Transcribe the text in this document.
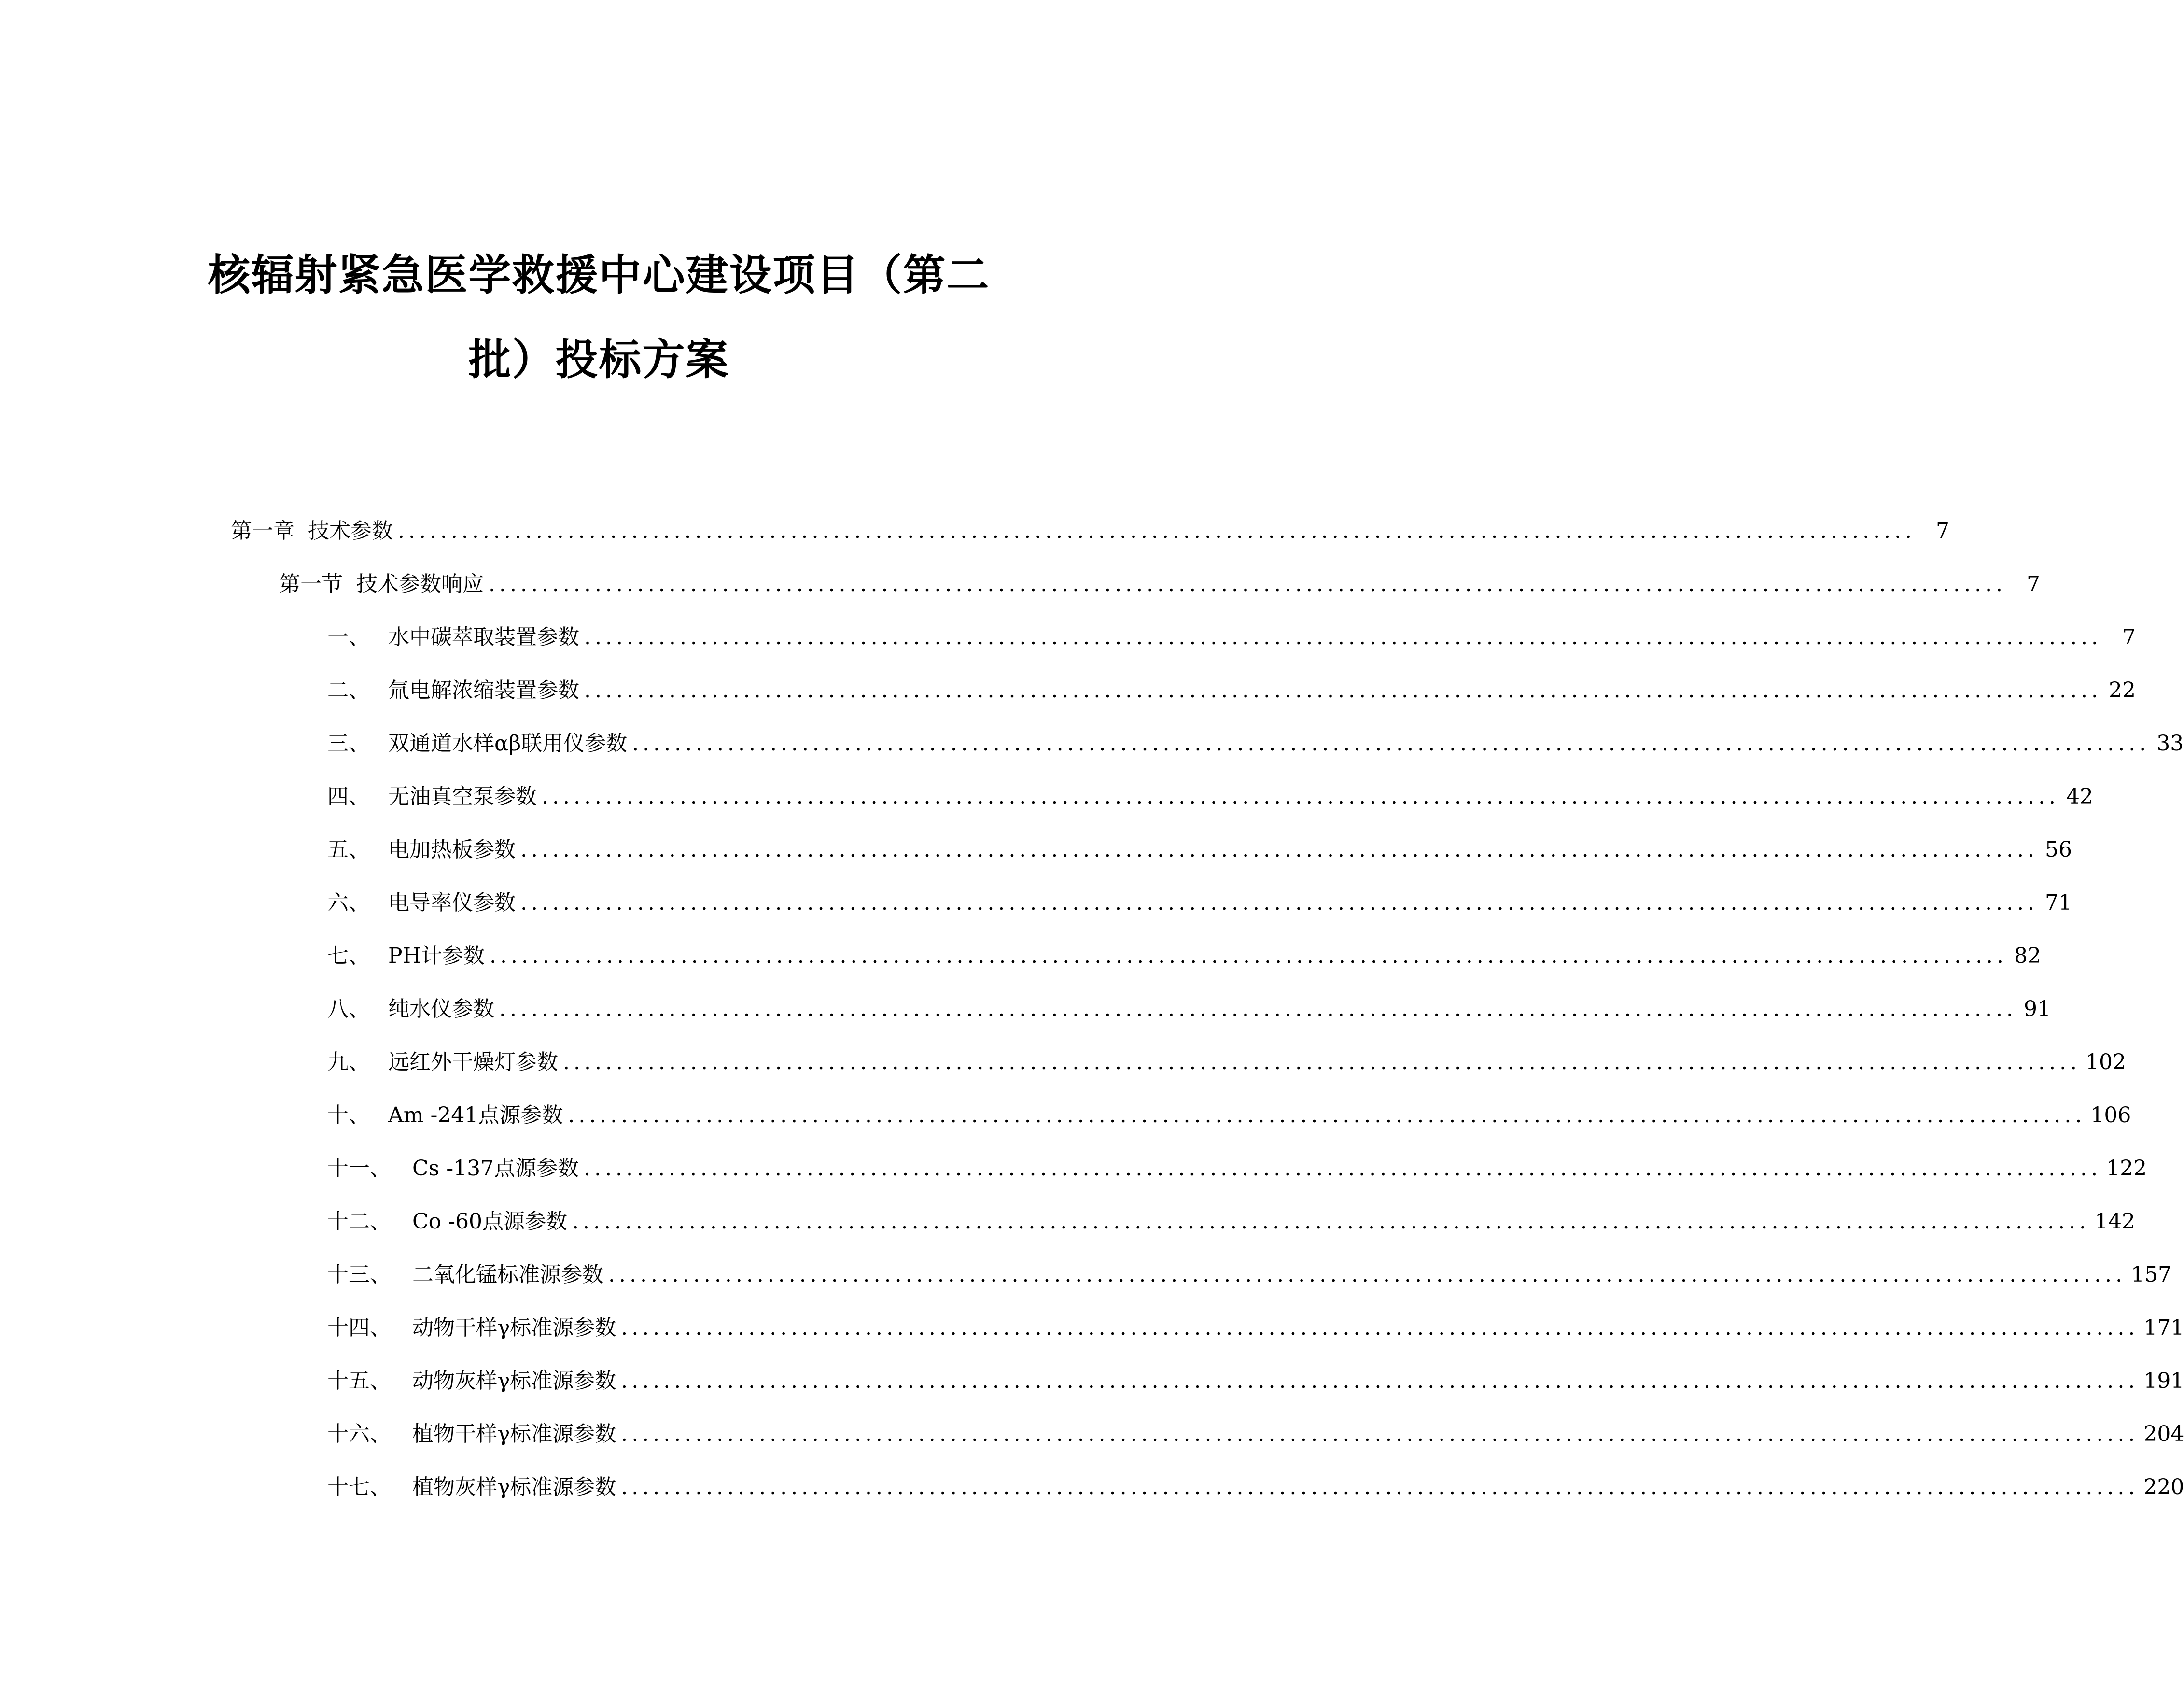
核辐射紧急医学救援中心建设项目（第二
批）投标方案
第一章 技术参数 ............................................................................................................................................... 7
第一节 技术参数响应 ............................................................................................................................................... 7
一、 水中碳萃取装置参数 ............................................................................................................................................... 7
二、 氚电解浓缩装置参数 ............................................................................................................................................... 22
三、 双通道水样αβ联用仪参数 ............................................................................................................................................... 33
四、 无油真空泵参数 ............................................................................................................................................... 42
五、 电加热板参数 ............................................................................................................................................... 56
六、 电导率仪参数 ............................................................................................................................................... 71
七、 PH计参数 ............................................................................................................................................... 82
八、 纯水仪参数 ............................................................................................................................................... 91
九、 远红外干燥灯参数 ............................................................................................................................................... 102
十、 Am -241点源参数 ............................................................................................................................................... 106
十一、	Cs -137点源参数 ............................................................................................................................................... 122
十二、	Co -60点源参数 ............................................................................................................................................... 142
十三、	二氧化锰标准源参数 ............................................................................................................................................... 157
十四、	动物干样γ标准源参数 ............................................................................................................................................... 171
十五、	动物灰样γ标准源参数 ............................................................................................................................................... 191
十六、	植物干样γ标准源参数 ............................................................................................................................................... 204
十七、	植物灰样γ标准源参数 ............................................................................................................................................... 220
